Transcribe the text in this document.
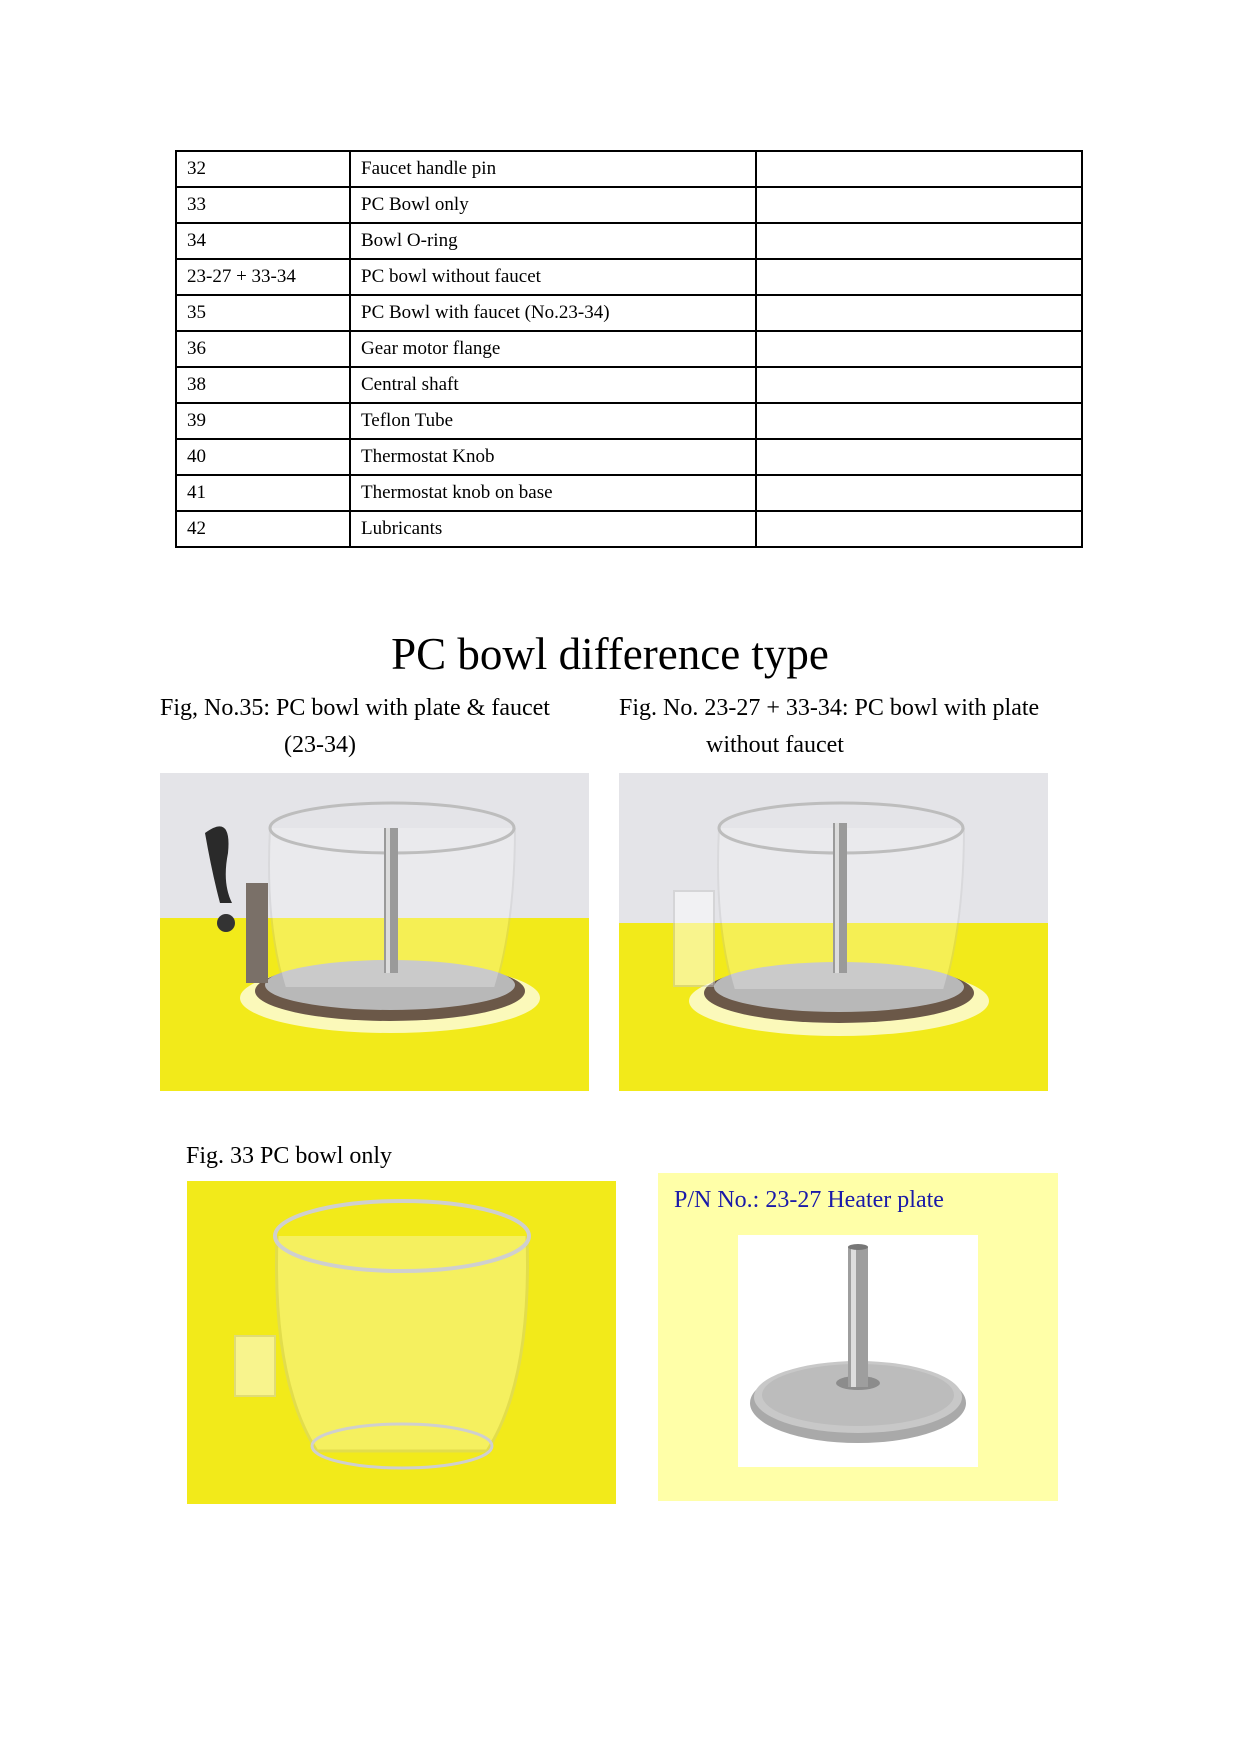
32	Faucet handle pin	
33	PC Bowl only	
34	Bowl O-ring	
23-27 + 33-34	PC bowl without faucet	
35	PC Bowl with faucet (No.23-34)	
36	Gear motor flange	
38	Central shaft	
39	Teflon Tube	
40	Thermostat Knob	
41	Thermostat knob on base	
42	Lubricants	
PC bowl difference type
Fig, No.35: PC bowl with plate & faucet
(23-34)
Fig. No. 23-27 + 33-34: PC bowl with plate
without faucet
Fig. 33 PC bowl only
P/N No.: 23-27 Heater plate
